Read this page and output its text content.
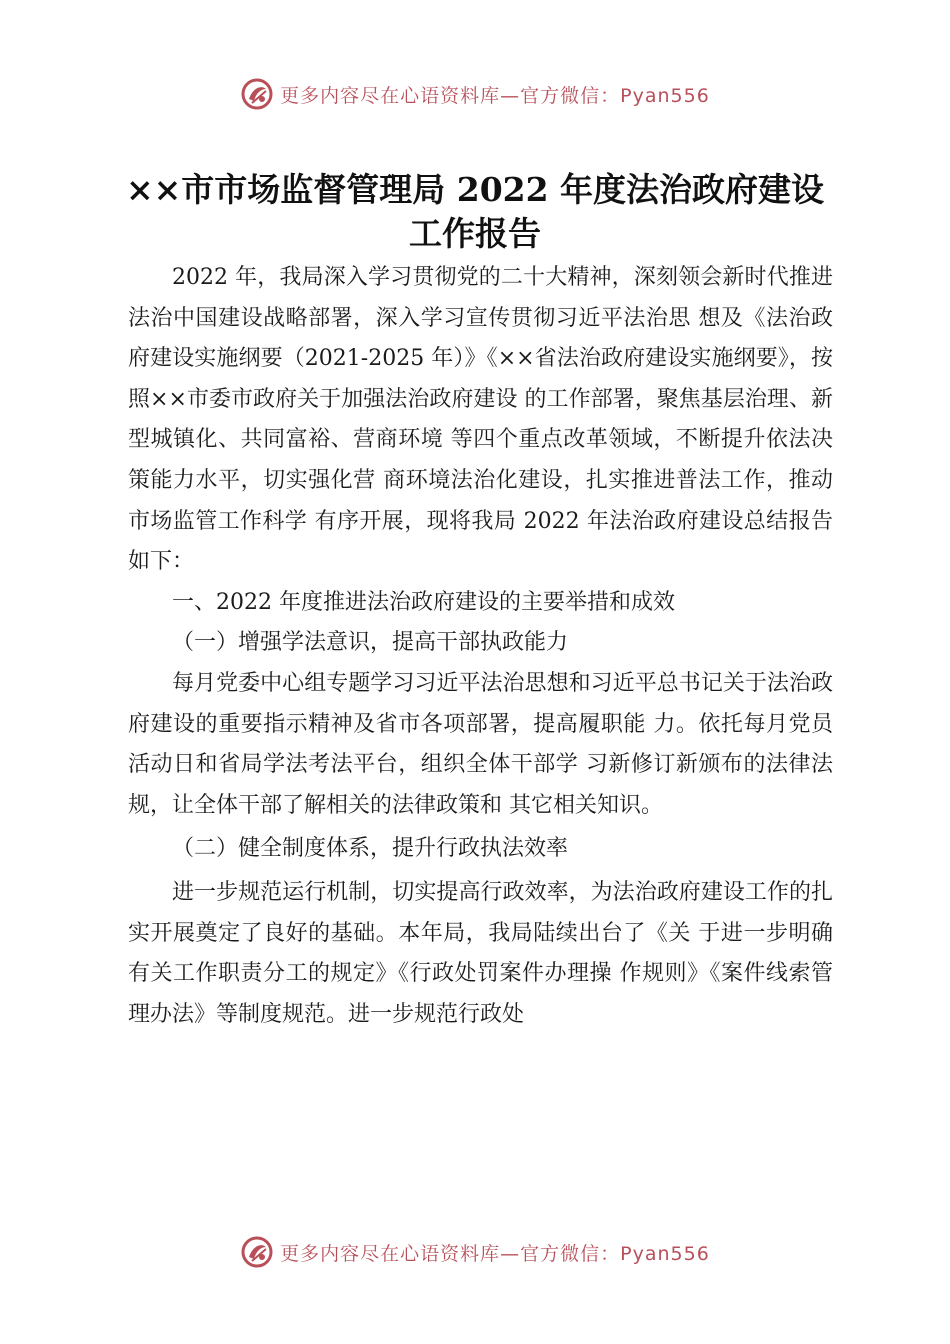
更多内容尽在心语资料库—官方微信：Pyan556
××市市场监督管理局 2022 年度法治政府建设
工作报告

2022 年，我局深入学习贯彻党的二十大精神，深刻领会新时代推进法治中国建设战略部署，深入学习宣传贯彻习近平法治思 想及《法治政府建设实施纲要（2021-2025 年）》《××省法治政府建设实施纲要》，按照××市委市政府关于加强法治政府建设 的工作部署，聚焦基层治理、新型城镇化、共同富裕、营商环境 等四个重点改革领域，不断提升依法决策能力水平，切实强化营 商环境法治化建设，扎实推进普法工作，推动市场监管工作科学 有序开展，现将我局 2022 年法治政府建设总结报告如下：

一、2022 年度推进法治政府建设的主要举措和成效

（一）增强学法意识，提高干部执政能力

每月党委中心组专题学习习近平法治思想和习近平总书记关于法治政府建设的重要指示精神及省市各项部署，提高履职能 力。依托每月党员活动日和省局学法考法平台，组织全体干部学 习新修订新颁布的法律法规，让全体干部了解相关的法律政策和 其它相关知识。

（二）健全制度体系，提升行政执法效率

进一步规范运行机制，切实提高行政效率，为法治政府建设工作的扎实开展奠定了良好的基础。本年局，我局陆续出台了《关 于进一步明确有关工作职责分工的规定》《行政处罚案件办理操 作规则》《案件线索管理办法》等制度规范。进一步规范行政处

更多内容尽在心语资料库—官方微信：Pyan556
